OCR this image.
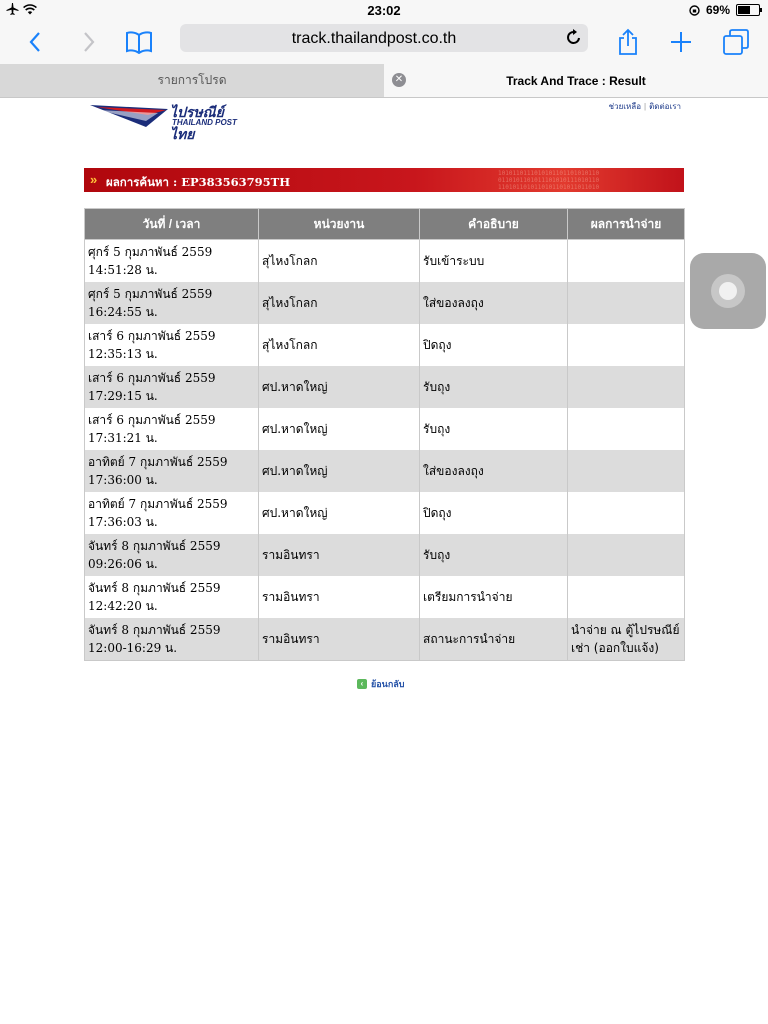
23:02	69%
track.thailandpost.co.th
รายการโปรด	✕	Track And Trace : Result
ไปรษณีย์ไทย
THAILAND POST
ช่วยเหลือ | ติดต่อเรา
1010110111010101101101010110
0110101101011101010111010110
1101011010110101101011011010
» ผลการค้นหา : EP383563795TH
วันที่ / เวลา	หน่วยงาน	คำอธิบาย	ผลการนำจ่าย

ศุกร์ 5 กุมภาพันธ์ 2559
14:51:28 น.	สุไหงโกลก	รับเข้าระบบ	

ศุกร์ 5 กุมภาพันธ์ 2559
16:24:55 น.	สุไหงโกลก	ใส่ของลงถุง	

เสาร์ 6 กุมภาพันธ์ 2559
12:35:13 น.	สุไหงโกลก	ปิดถุง	

เสาร์ 6 กุมภาพันธ์ 2559
17:29:15 น.	ศป.หาดใหญ่	รับถุง	

เสาร์ 6 กุมภาพันธ์ 2559
17:31:21 น.	ศป.หาดใหญ่	รับถุง	

อาทิตย์ 7 กุมภาพันธ์ 2559
17:36:00 น.	ศป.หาดใหญ่	ใส่ของลงถุง	

อาทิตย์ 7 กุมภาพันธ์ 2559
17:36:03 น.	ศป.หาดใหญ่	ปิดถุง	

จันทร์ 8 กุมภาพันธ์ 2559
09:26:06 น.	รามอินทรา	รับถุง	

จันทร์ 8 กุมภาพันธ์ 2559
12:42:20 น.	รามอินทรา	เตรียมการนำจ่าย	

จันทร์ 8 กุมภาพันธ์ 2559
12:00-16:29 น.	รามอินทรา	สถานะการนำจ่าย	นำจ่าย ณ ตู้ไปรษณีย์เช่า (ออกใบแจ้ง)
‹ ย้อนกลับ
